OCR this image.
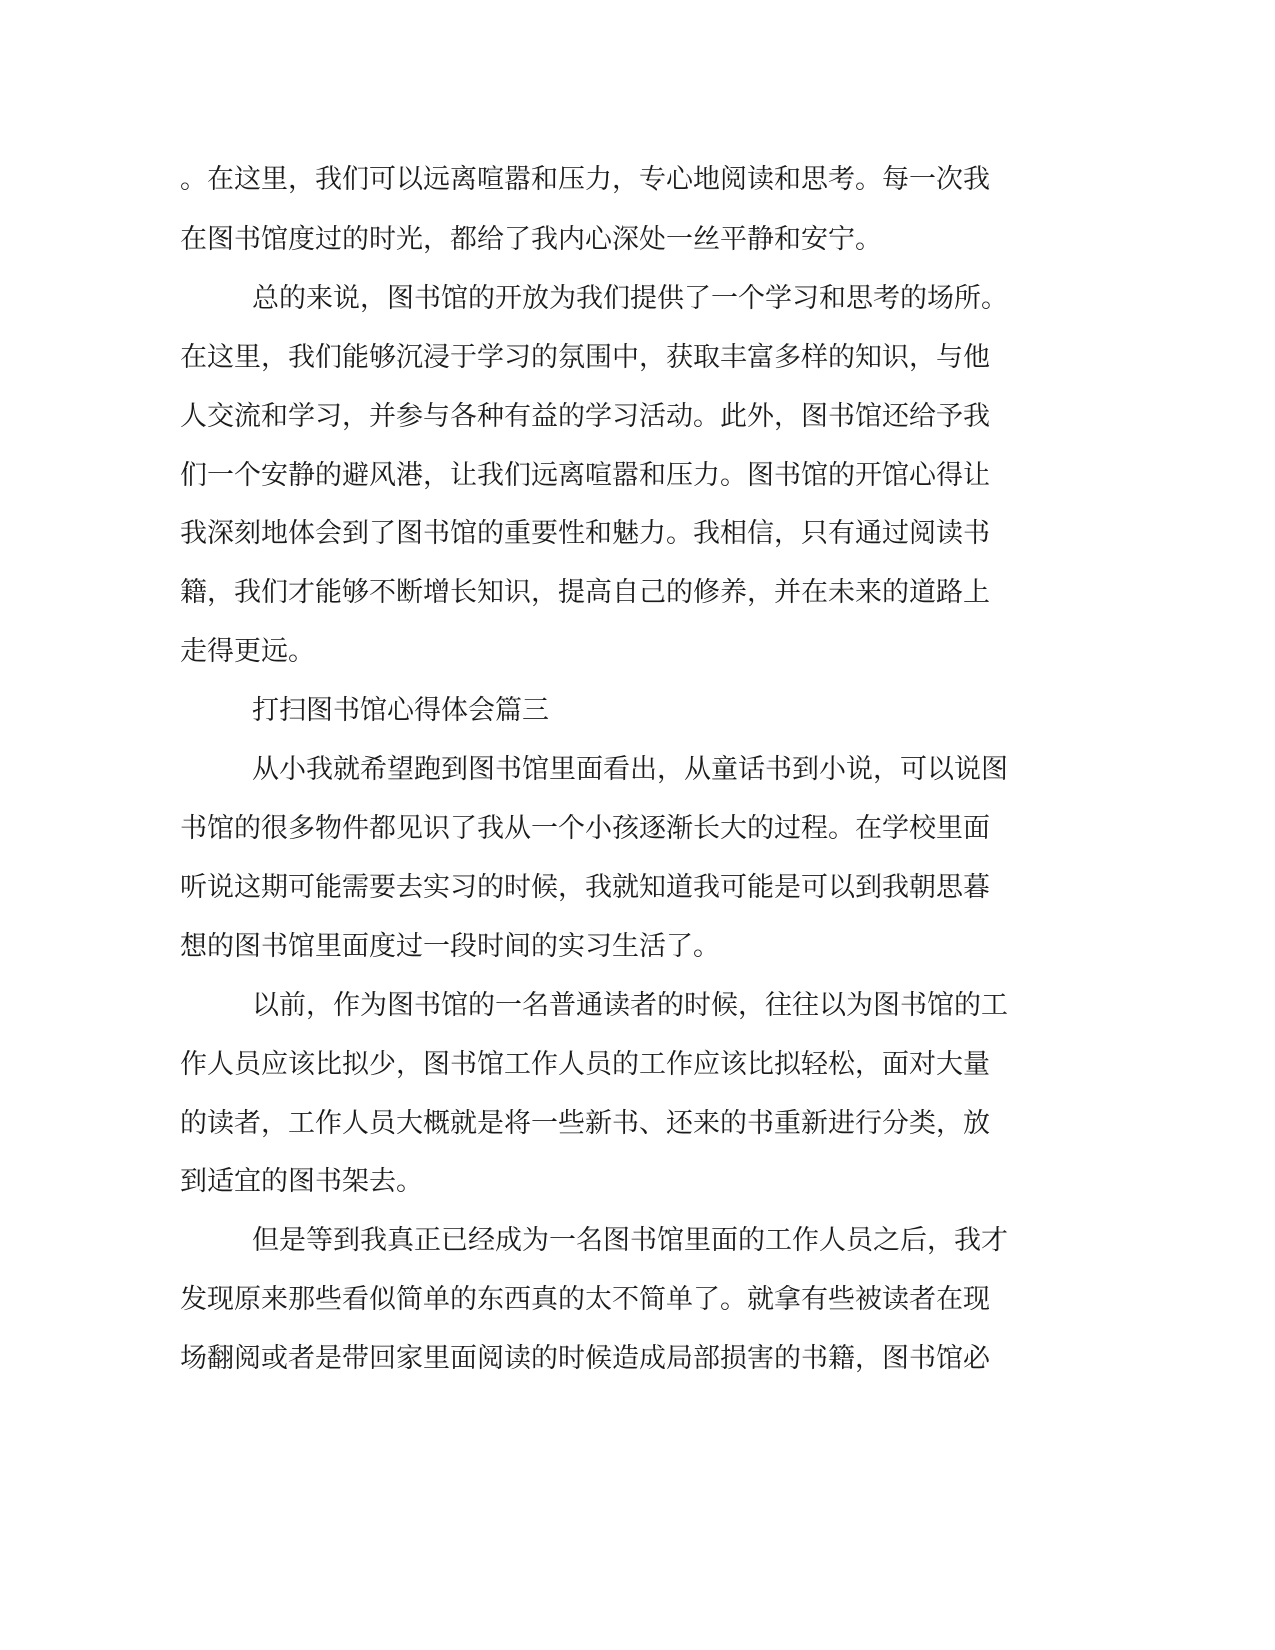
。在这里，我们可以远离喧嚣和压力，专心地阅读和思考。每一次我
在图书馆度过的时光，都给了我内心深处一丝平静和安宁。
总的来说，图书馆的开放为我们提供了一个学习和思考的场所。
在这里，我们能够沉浸于学习的氛围中，获取丰富多样的知识，与他
人交流和学习，并参与各种有益的学习活动。此外，图书馆还给予我
们一个安静的避风港，让我们远离喧嚣和压力。图书馆的开馆心得让
我深刻地体会到了图书馆的重要性和魅力。我相信，只有通过阅读书
籍，我们才能够不断增长知识，提高自己的修养，并在未来的道路上
走得更远。
打扫图书馆心得体会篇三
从小我就希望跑到图书馆里面看出，从童话书到小说，可以说图
书馆的很多物件都见识了我从一个小孩逐渐长大的过程。在学校里面
听说这期可能需要去实习的时候，我就知道我可能是可以到我朝思暮
想的图书馆里面度过一段时间的实习生活了。
以前，作为图书馆的一名普通读者的时候，往往以为图书馆的工
作人员应该比拟少，图书馆工作人员的工作应该比拟轻松，面对大量
的读者，工作人员大概就是将一些新书、还来的书重新进行分类，放
到适宜的图书架去。
但是等到我真正已经成为一名图书馆里面的工作人员之后，我才
发现原来那些看似简单的东西真的太不简单了。就拿有些被读者在现
场翻阅或者是带回家里面阅读的时候造成局部损害的书籍，图书馆必
